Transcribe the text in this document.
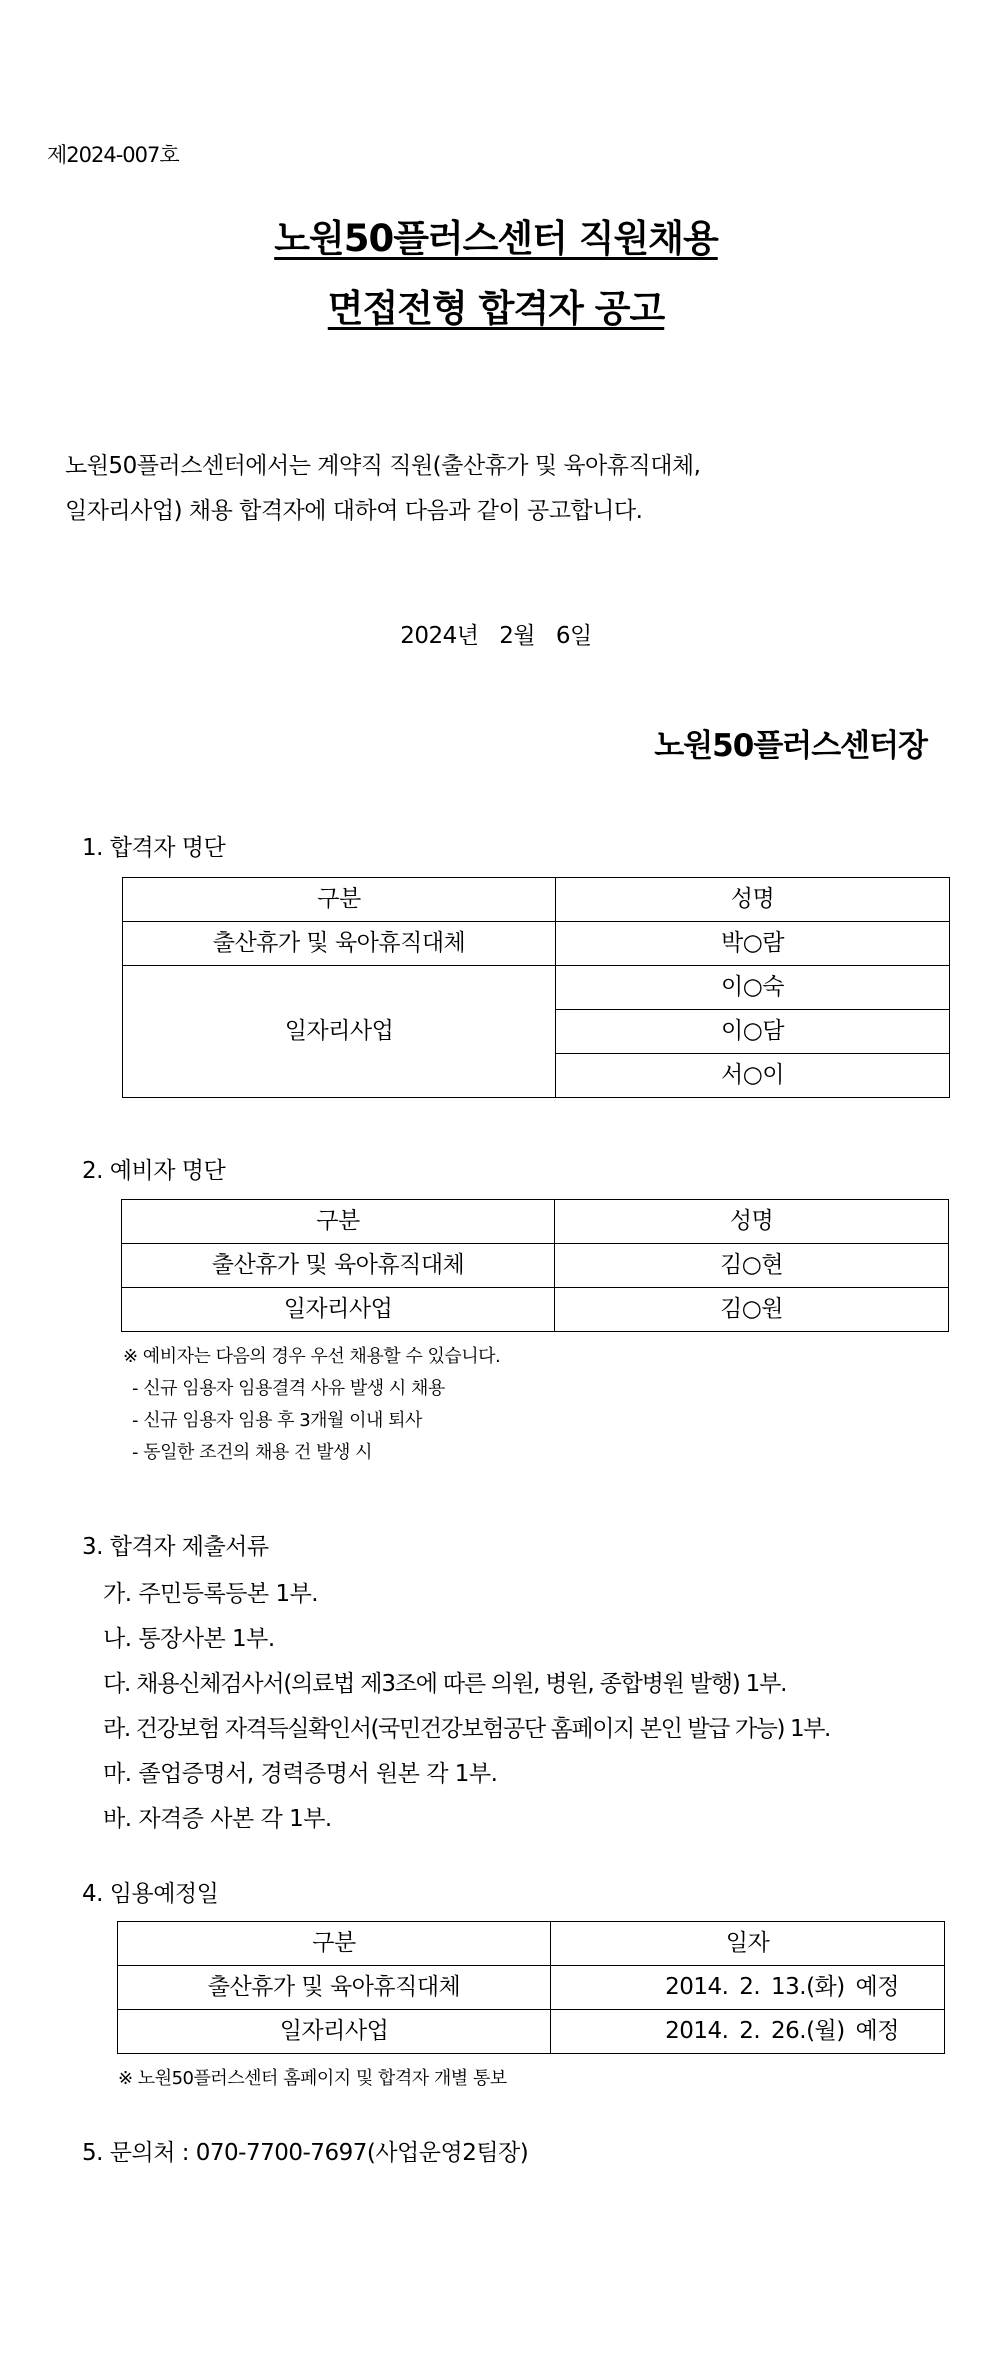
제2024-007호
노원50플러스센터 직원채용
면접전형 합격자 공고
노원50플러스센터에서는 계약직 직원(출산휴가 및 육아휴직대체,
일자리사업) 채용 합격자에 대하여 다음과 같이 공고합니다.
2024년 2월 6일
노원50플러스센터장
1. 합격자 명단
구분	성명
출산휴가 및 육아휴직대체	박○람
일자리사업	이○숙
	이○담
	서○이
2. 예비자 명단
구분	성명
출산휴가 및 육아휴직대체	김○현
일자리사업	김○원
※ 예비자는 다음의 경우 우선 채용할 수 있습니다.
- 신규 임용자 임용결격 사유 발생 시 채용
- 신규 임용자 임용 후 3개월 이내 퇴사
- 동일한 조건의 채용 건 발생 시
3. 합격자 제출서류
가. 주민등록등본 1부.
나. 통장사본 1부.
다. 채용신체검사서(의료법 제3조에 따른 의원, 병원, 종합병원 발행) 1부.
라. 건강보험 자격득실확인서(국민건강보험공단 홈페이지 본인 발급 가능) 1부.
마. 졸업증명서, 경력증명서 원본 각 1부.
바. 자격증 사본 각 1부.
4. 임용예정일
구분	일자
출산휴가 및 육아휴직대체	2014. 2. 13.(화) 예정
일자리사업	2014. 2. 26.(월) 예정
※ 노원50플러스센터 홈페이지 및 합격자 개별 통보
5. 문의처 : 070-7700-7697(사업운영2팀장)
